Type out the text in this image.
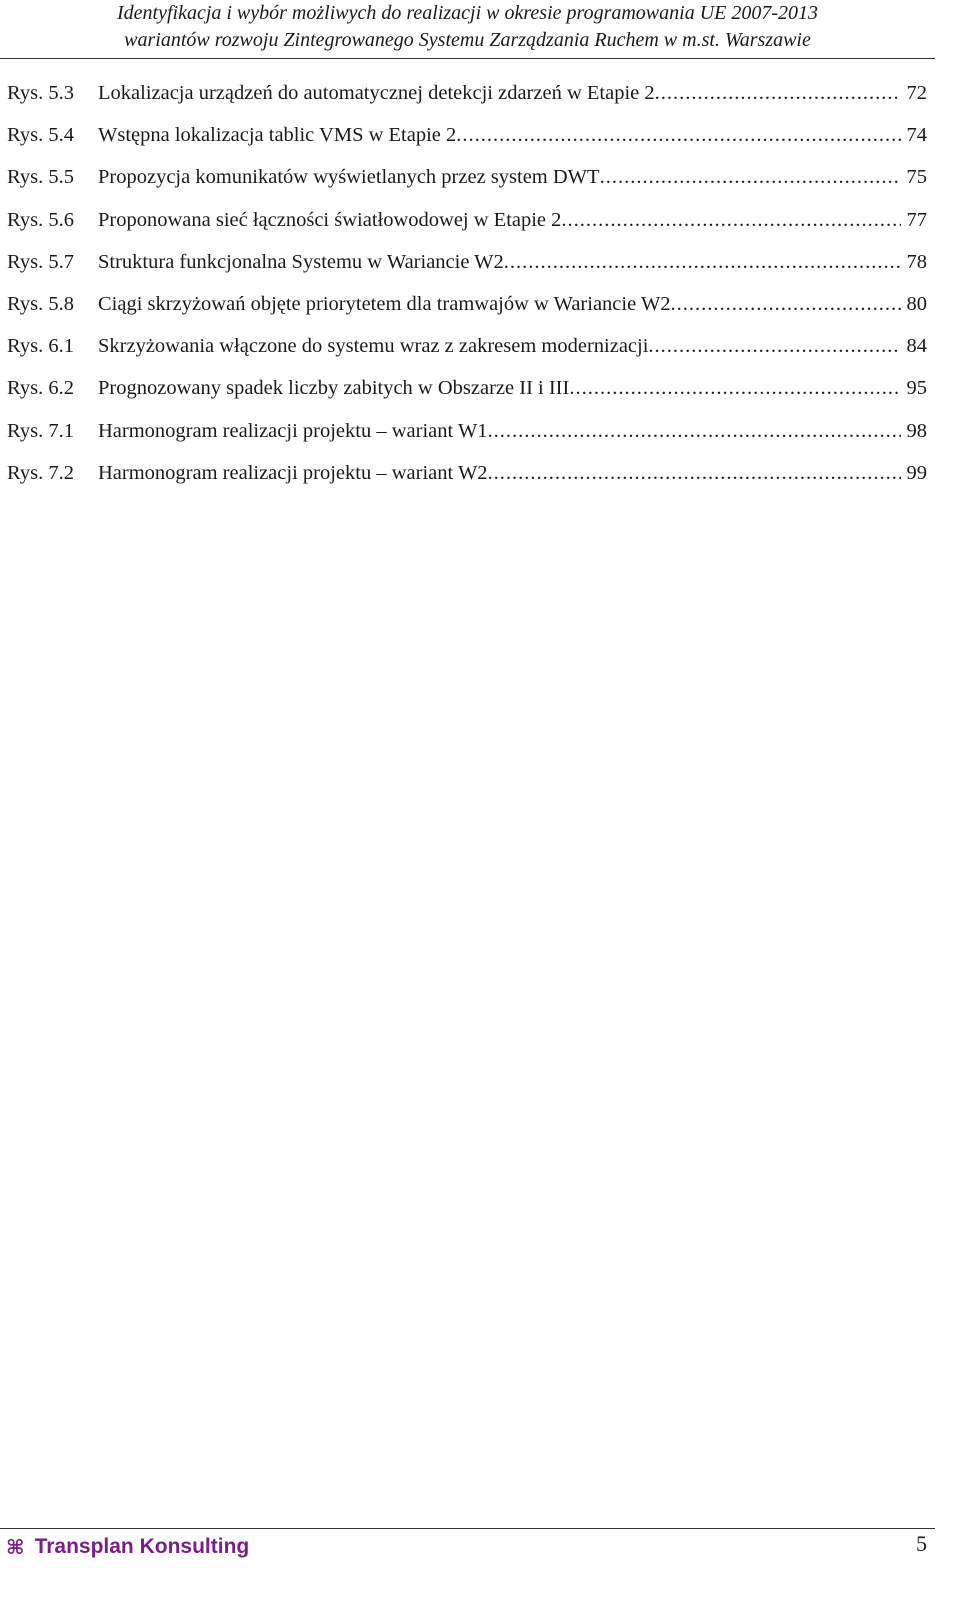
Identyfikacja i wybór możliwych do realizacji w okresie programowania UE 2007-2013
wariantów rozwoju Zintegrowanego Systemu Zarządzania Ruchem w m.st. Warszawie
Rys. 5.3	Lokalizacja urządzeń do automatycznej detekcji zdarzeń w Etapie 2 .....	72
Rys. 5.4	Wstępna lokalizacja tablic VMS w Etapie 2 .....	74
Rys. 5.5	Propozycja komunikatów wyświetlanych przez system DWT .....	75
Rys. 5.6	Proponowana sieć łączności światłowodowej w Etapie 2 .....	77
Rys. 5.7	Struktura funkcjonalna Systemu w Wariancie W2 .....	78
Rys. 5.8	Ciągi skrzyżowań objęte priorytetem dla tramwajów w Wariancie W2 .....	80
Rys. 6.1	Skrzyżowania włączone do systemu wraz z zakresem modernizacji .....	84
Rys. 6.2	Prognozowany spadek liczby zabitych w Obszarze II i III .....	95
Rys. 7.1	Harmonogram realizacji projektu – wariant W1 .....	98
Rys. 7.2	Harmonogram realizacji projektu – wariant W2 .....	99
⌘ Transplan Konsulting	5
